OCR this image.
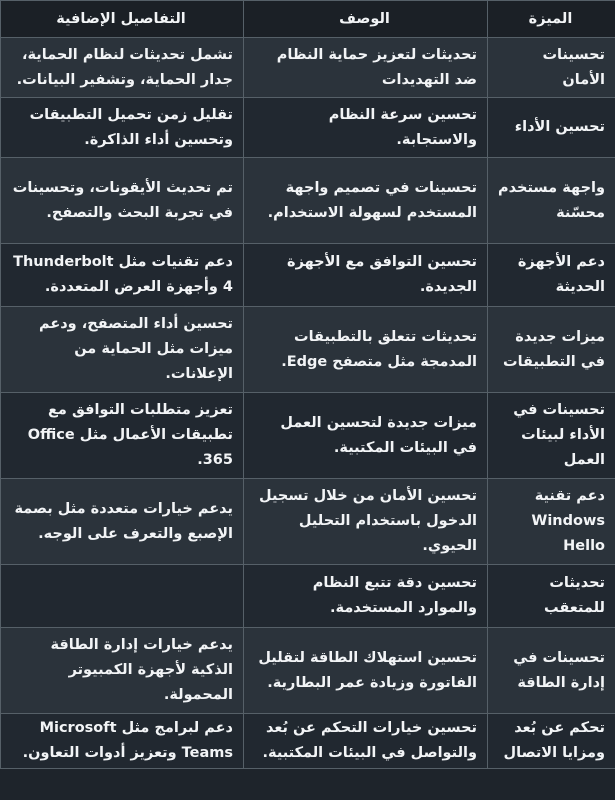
الميزة	الوصف	التفاصيل الإضافية
تحسينات الأمان	تحديثات لتعزيز حماية النظام ضد التهديدات	تشمل تحديثات لنظام الحماية، جدار الحماية، وتشفير البيانات.
تحسين الأداء	تحسين سرعة النظام والاستجابة.	تقليل زمن تحميل التطبيقات وتحسين أداء الذاكرة.
واجهة مستخدم محسّنة	تحسينات في تصميم واجهة المستخدم لسهولة الاستخدام.	تم تحديث الأيقونات، وتحسينات في تجربة البحث والتصفح.
دعم الأجهزة الحديثة	تحسين التوافق مع الأجهزة الجديدة.	دعم تقنيات مثل Thunderbolt 4 وأجهزة العرض المتعددة.
ميزات جديدة في التطبيقات	تحديثات تتعلق بالتطبيقات المدمجة مثل متصفح Edge.	تحسين أداء المتصفح، ودعم ميزات مثل الحماية من الإعلانات.
تحسينات في الأداء لبيئات العمل	ميزات جديدة لتحسين العمل في البيئات المكتبية.	تعزيز متطلبات التوافق مع تطبيقات الأعمال مثل Office 365.
دعم تقنية Windows Hello	تحسين الأمان من خلال تسجيل الدخول باستخدام التحليل الحيوي.	يدعم خيارات متعددة مثل بصمة الإصبع والتعرف على الوجه.
تحديثات للمتعقب	تحسين دقة تتبع النظام والموارد المستخدمة.	
تحسينات في إدارة الطاقة	تحسين استهلاك الطاقة لتقليل الفاتورة وزيادة عمر البطارية.	يدعم خيارات إدارة الطاقة الذكية لأجهزة الكمبيوتر المحمولة.
تحكم عن بُعد ومزايا الاتصال	تحسين خيارات التحكم عن بُعد والتواصل في البيئات المكتبية.	دعم لبرامج مثل Microsoft Teams وتعزيز أدوات التعاون.
